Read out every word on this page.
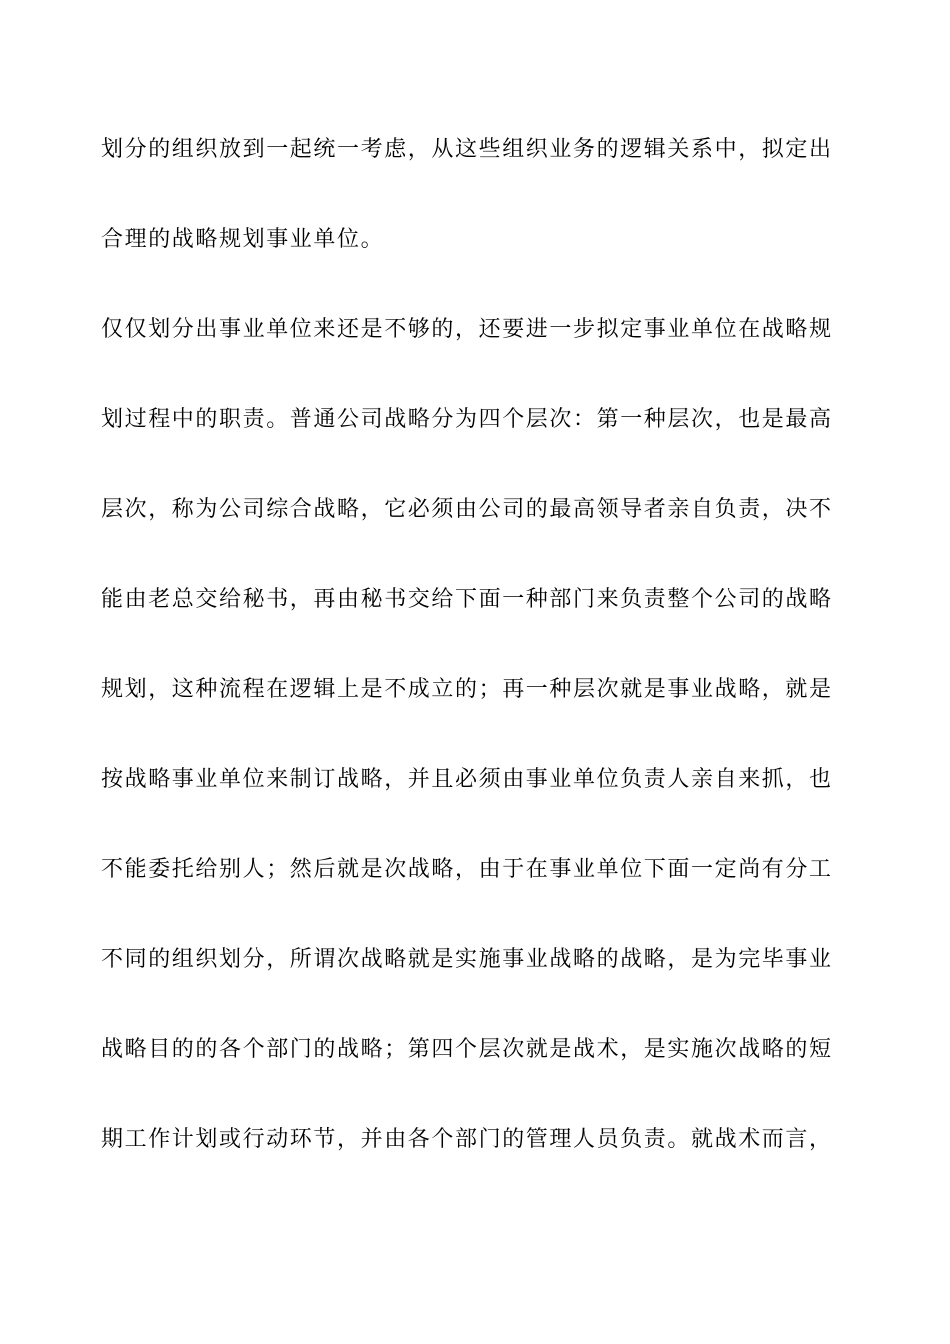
划分的组织放到一起统一考虑，从这些组织业务的逻辑关系中，拟定出
合理的战略规划事业单位。
仅仅划分出事业单位来还是不够的，还要进一步拟定事业单位在战略规
划过程中的职责。普通公司战略分为四个层次：第一种层次，也是最高
层次，称为公司综合战略，它必须由公司的最高领导者亲自负责，决不
能由老总交给秘书，再由秘书交给下面一种部门来负责整个公司的战略
规划，这种流程在逻辑上是不成立的；再一种层次就是事业战略，就是
按战略事业单位来制订战略，并且必须由事业单位负责人亲自来抓，也
不能委托给别人；然后就是次战略，由于在事业单位下面一定尚有分工
不同的组织划分，所谓次战略就是实施事业战略的战略，是为完毕事业
战略目的的各个部门的战略；第四个层次就是战术，是实施次战略的短
期工作计划或行动环节，并由各个部门的管理人员负责。就战术而言，
